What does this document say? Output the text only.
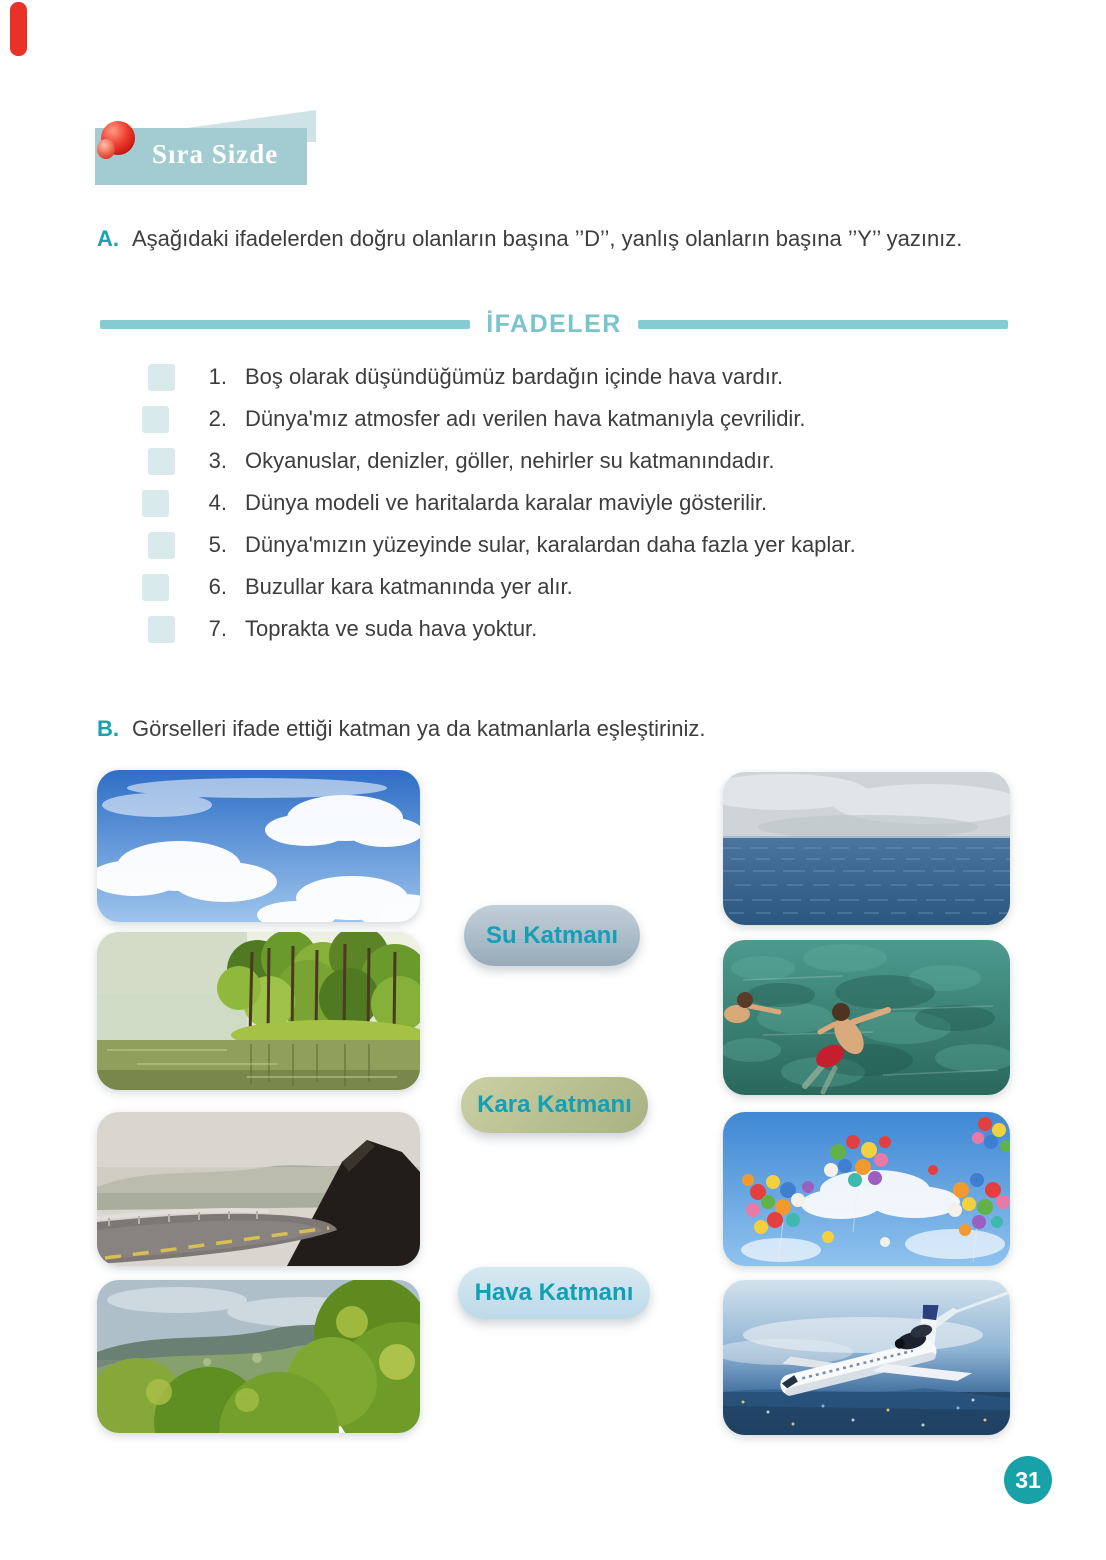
Sıra Sizde
A. Aşağıdaki ifadelerden doğru olanların başına ’’D’’, yanlış olanların başına ’’Y’’ yazınız.
İFADELER
1. Boş olarak düşündüğümüz bardağın içinde hava vardır.
2. Dünya'mız atmosfer adı verilen hava katmanıyla çevrilidir.
3. Okyanuslar, denizler, göller, nehirler su katmanındadır.
4. Dünya modeli ve haritalarda karalar maviyle gösterilir.
5. Dünya'mızın yüzeyinde sular, karalardan daha fazla yer kaplar.
6. Buzullar kara katmanında yer alır.
7. Toprakta ve suda hava yoktur.
B. Görselleri ifade ettiği katman ya da katmanlarla eşleştiriniz.
Su Katmanı
Kara Katmanı
Hava Katmanı
31
